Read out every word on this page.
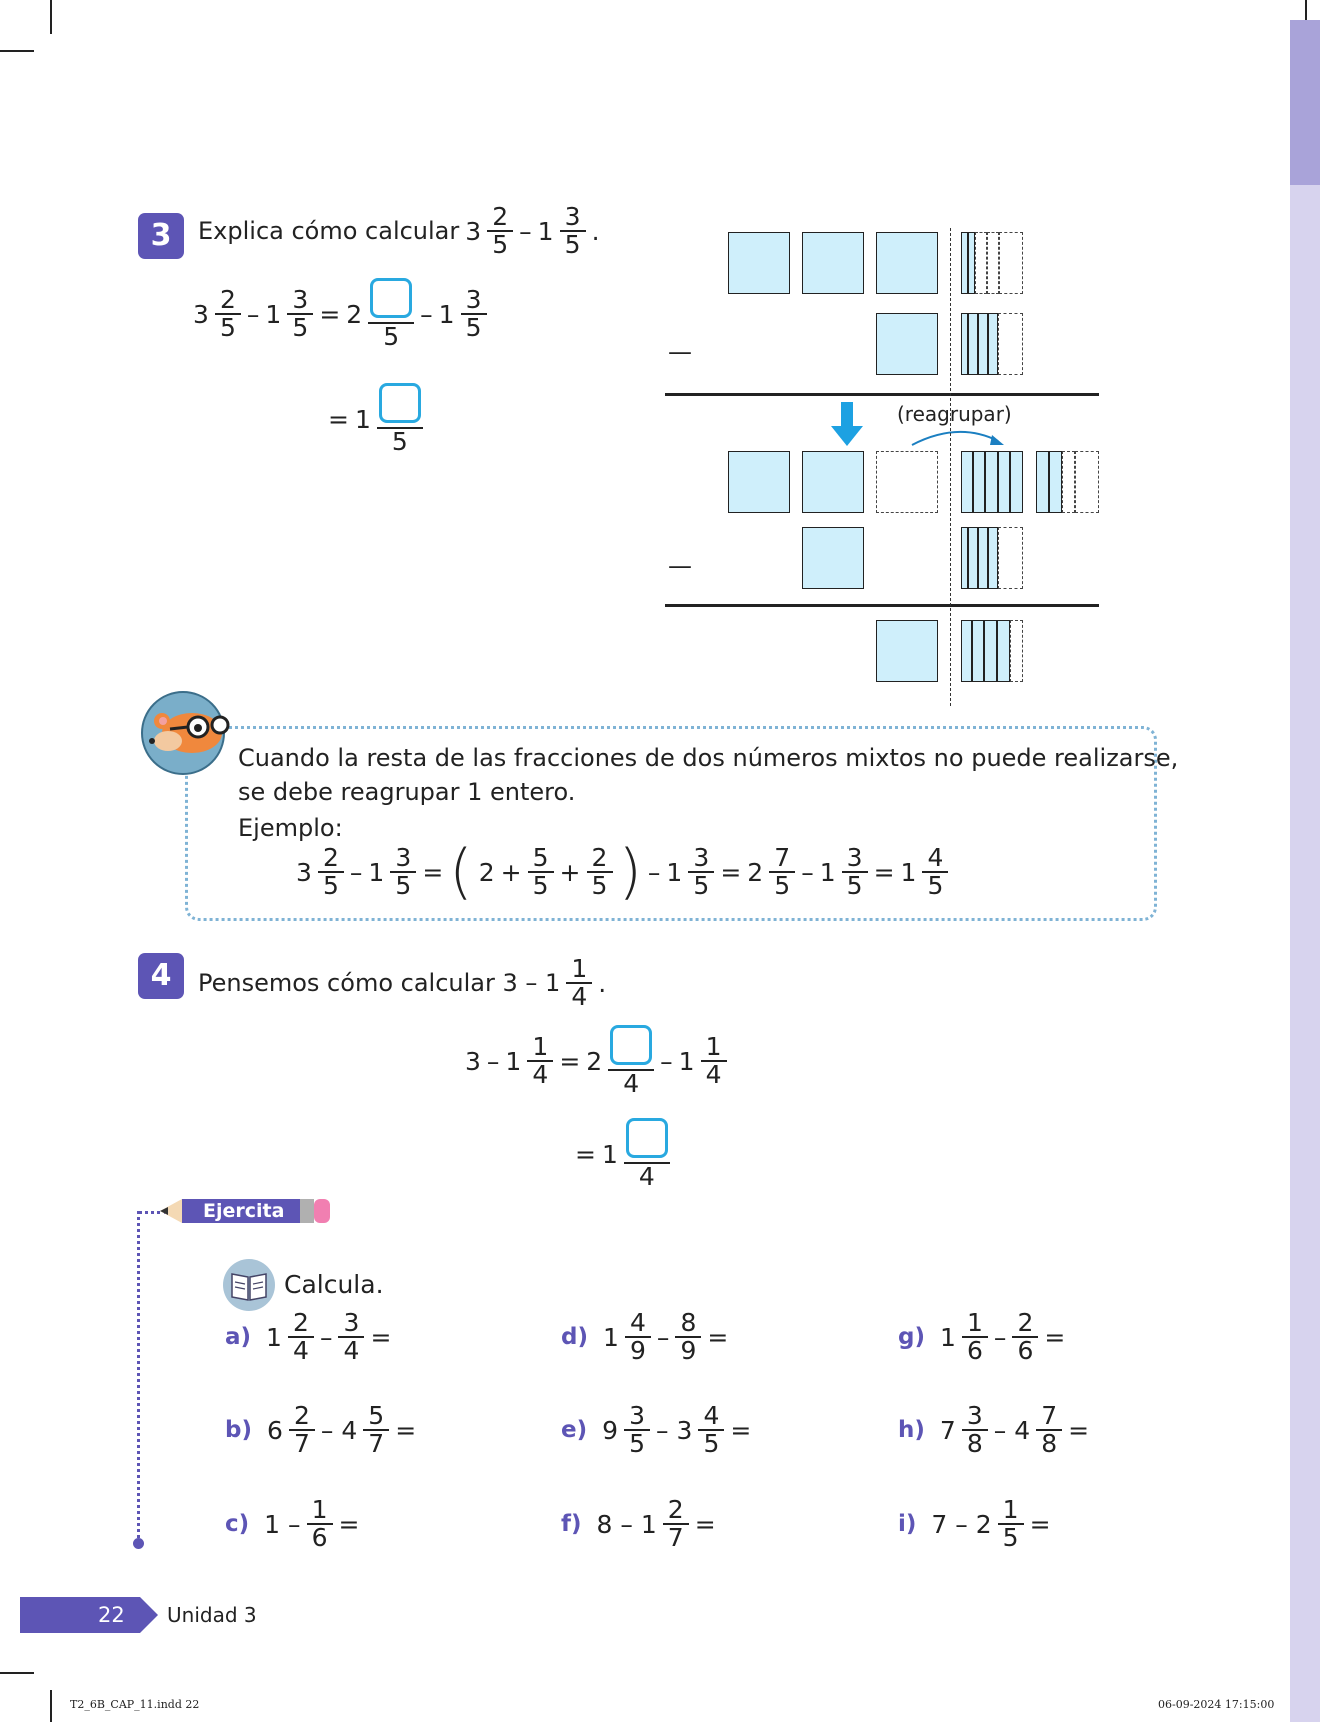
3	Explica cómo calcular $3 \frac{2}{5} - 1 \frac{3}{5}$ .
$3 \frac{2}{5} - 1 \frac{3}{5} = 2$
5
– $1 \frac{3}{5}$
= 1
5
—
(reagrupar)
—
Cuando la resta de las fracciones de dos números mixtos no puede realizarse,
se debe reagrupar 1 entero.
Ejemplo:
$3 \frac{2}{5} - 1 \frac{3}{5}$ = ( $2 + \frac{5}{5} + \frac{2}{5}$ ) – $1 \frac{3}{5} = 2 \frac{7}{5} - 1 \frac{3}{5} = 1 \frac{4}{5}$
4	Pensemos cómo calcular $3 - 1 \frac{1}{4}$ .
$3 - 1 \frac{1}{4} = 2$
4
– $1 \frac{1}{4}$
= 1
4
Ejercita
Calcula.
a) $1 \frac{2}{4} - \frac{3}{4}$ =
b) $6 \frac{2}{7} - 4 \frac{5}{7}$ =
c) $1 - \frac{1}{6}$ =
d) $1 \frac{4}{9} - \frac{8}{9}$ =
e) $9 \frac{3}{5} - 3 \frac{4}{5}$ =
f) $8 - 1 \frac{2}{7}$ =
g) $1 \frac{1}{6} - \frac{2}{6}$ =
h) $7 \frac{3}{8} - 4 \frac{7}{8}$ =
i) $7 - 2 \frac{1}{5}$ =
22 Unidad 3
T2_6B_CAP_11.indd 22	06-09-2024 17:15:00
